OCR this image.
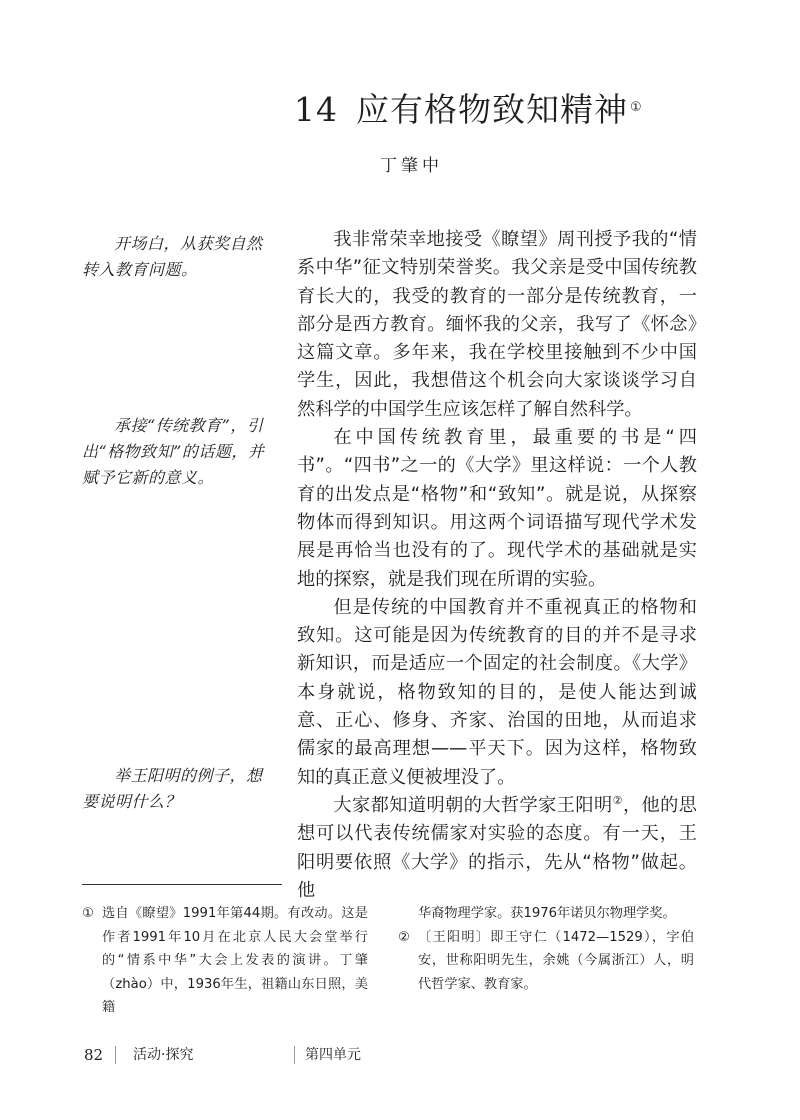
14 应有格物致知精神 ①
丁肇中
开场白，从获奖自然转入教育问题。
承接“传统教育”，引出“格物致知”的话题，并赋予它新的意义。
举王阳明的例子，想要说明什么？

我非常荣幸地接受《瞭望》周刊授予我的“情系中华”征文特别荣誉奖。我父亲是受中国传统教育长大的，我受的教育的一部分是传统教育，一部分是西方教育。缅怀我的父亲，我写了《怀念》这篇文章。多年来，我在学校里接触到不少中国学生，因此，我想借这个机会向大家谈谈学习自然科学的中国学生应该怎样了解自然科学。

在中国传统教育里，最重要的书是“四书”。“四书”之一的《大学》里这样说：一个人教育的出发点是“格物”和“致知”。就是说，从探察物体而得到知识。用这两个词语描写现代学术发展是再恰当也没有的了。现代学术的基础就是实地的探察，就是我们现在所谓的实验。

但是传统的中国教育并不重视真正的格物和致知。这可能是因为传统教育的目的并不是寻求新知识，而是适应一个固定的社会制度。《大学》本身就说，格物致知的目的，是使人能达到诚意、正心、修身、齐家、治国的田地，从而追求儒家的最高理想——平天下。因为这样，格物致知的真正意义便被埋没了。

大家都知道明朝的大哲学家王阳明②，他的思想可以代表传统儒家对实验的态度。有一天，王阳明要依照《大学》的指示，先从“格物”做起。他

① 选自《瞭望》1991年第44期。有改动。这是作者1991年10月在北京人民大会堂举行的“情系中华”大会上发表的演讲。丁肇（zhào）中，1936年生，祖籍山东日照，美籍
华裔物理学家。获1976年诺贝尔物理学奖。
② 〔王阳明〕即王守仁（1472—1529），字伯安，世称阳明先生，余姚（今属浙江）人，明代哲学家、教育家。
82 活动·探究	第四单元
